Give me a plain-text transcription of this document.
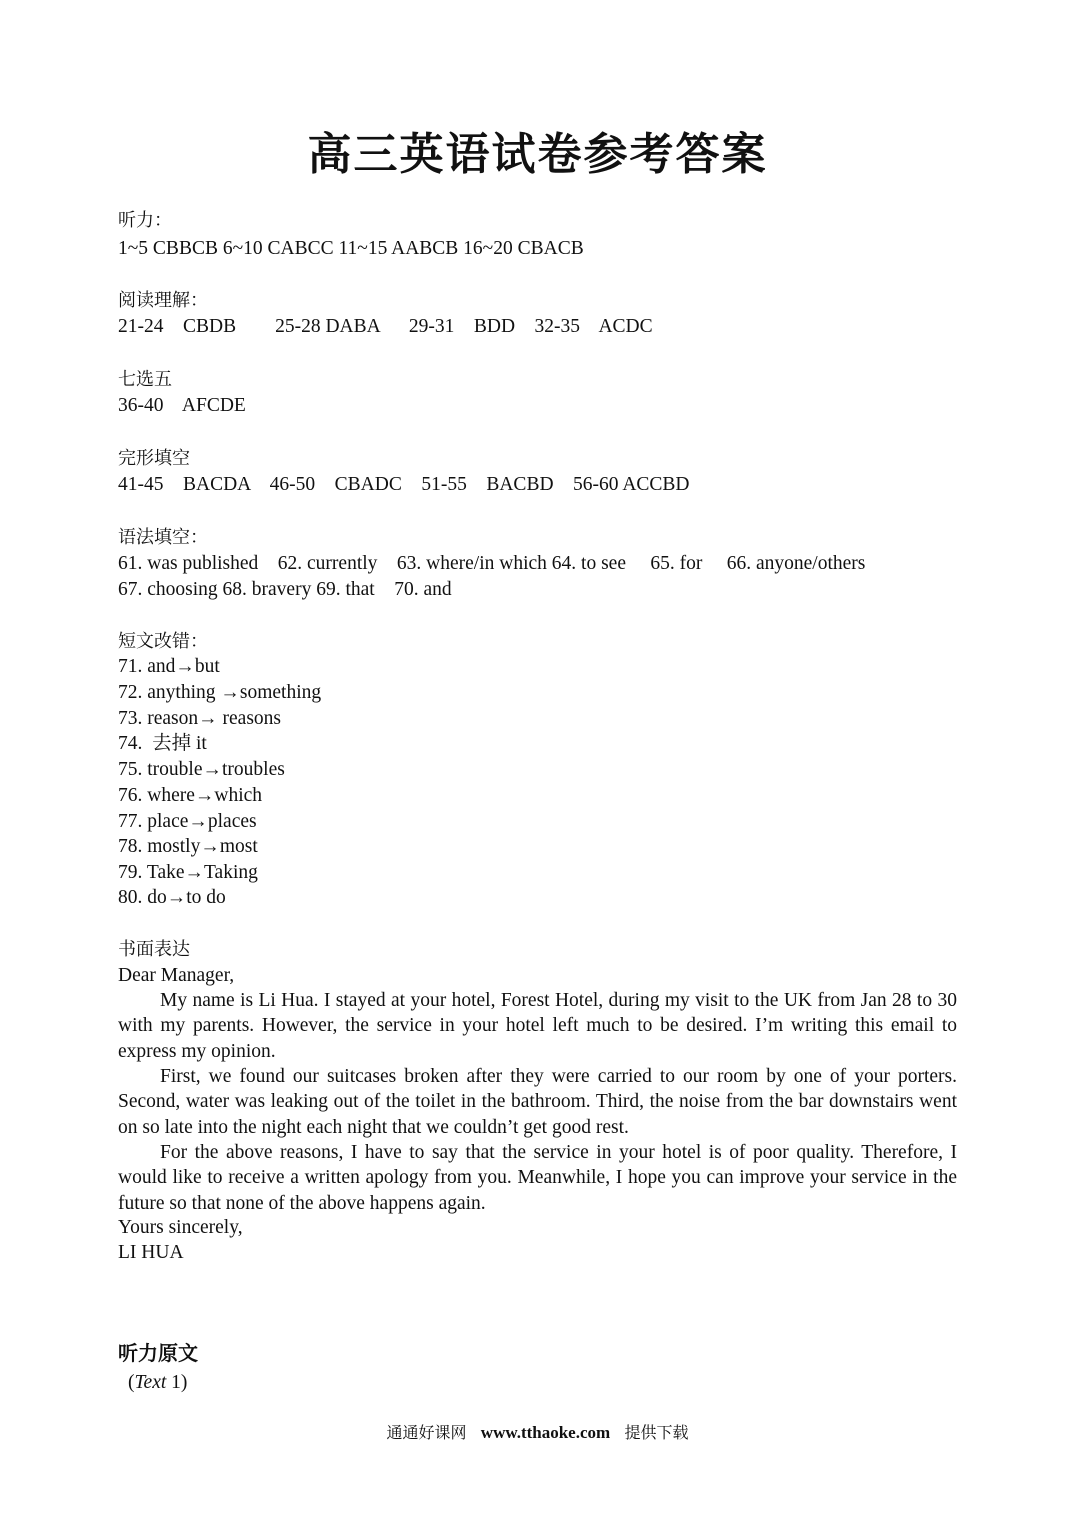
高三英语试卷参考答案

听力：

1~5 CBBCB 6~10 CABCC 11~15 AABCB 16~20 CBACB

阅读理解：

21-24    CBDB        25-28 DABA      29-31    BDD    32-35    ACDC

七选五

36-40    AFCDE

完形填空

41-45    BACDA    46-50    CBADC    51-55    BACBD    56-60 ACCBD

语法填空：

61. was published    62. currently    63. where/in which 64. to see     65. for     66. anyone/others

67. choosing 68. bravery 69. that    70. and

短文改错：

71. and→but

72. anything →something

73. reason→ reasons

74.  去掉 it

75. trouble→troubles

76. where→which

77. place→places

78. mostly→most

79. Take→Taking

80. do→to do

书面表达

Dear Manager,

My name is Li Hua. I stayed at your hotel, Forest Hotel, during my visit to the UK from Jan 28 to 30 with my parents. However, the service in your hotel left much to be desired. I’m writing this email to express my opinion.

First, we found our suitcases broken after they were carried to our room by one of your porters. Second, water was leaking out of the toilet in the bathroom. Third, the noise from the bar downstairs went on so late into the night each night that we couldn’t get good rest.

For the above reasons, I have to say that the service in your hotel is of poor quality. Therefore, I would like to receive a written apology from you. Meanwhile, I hope you can improve your service in the future so that none of the above happens again.

Yours sincerely,

LI HUA

听力原文

(Text 1)

通通好课网 www.tthaoke.com 提供下载
